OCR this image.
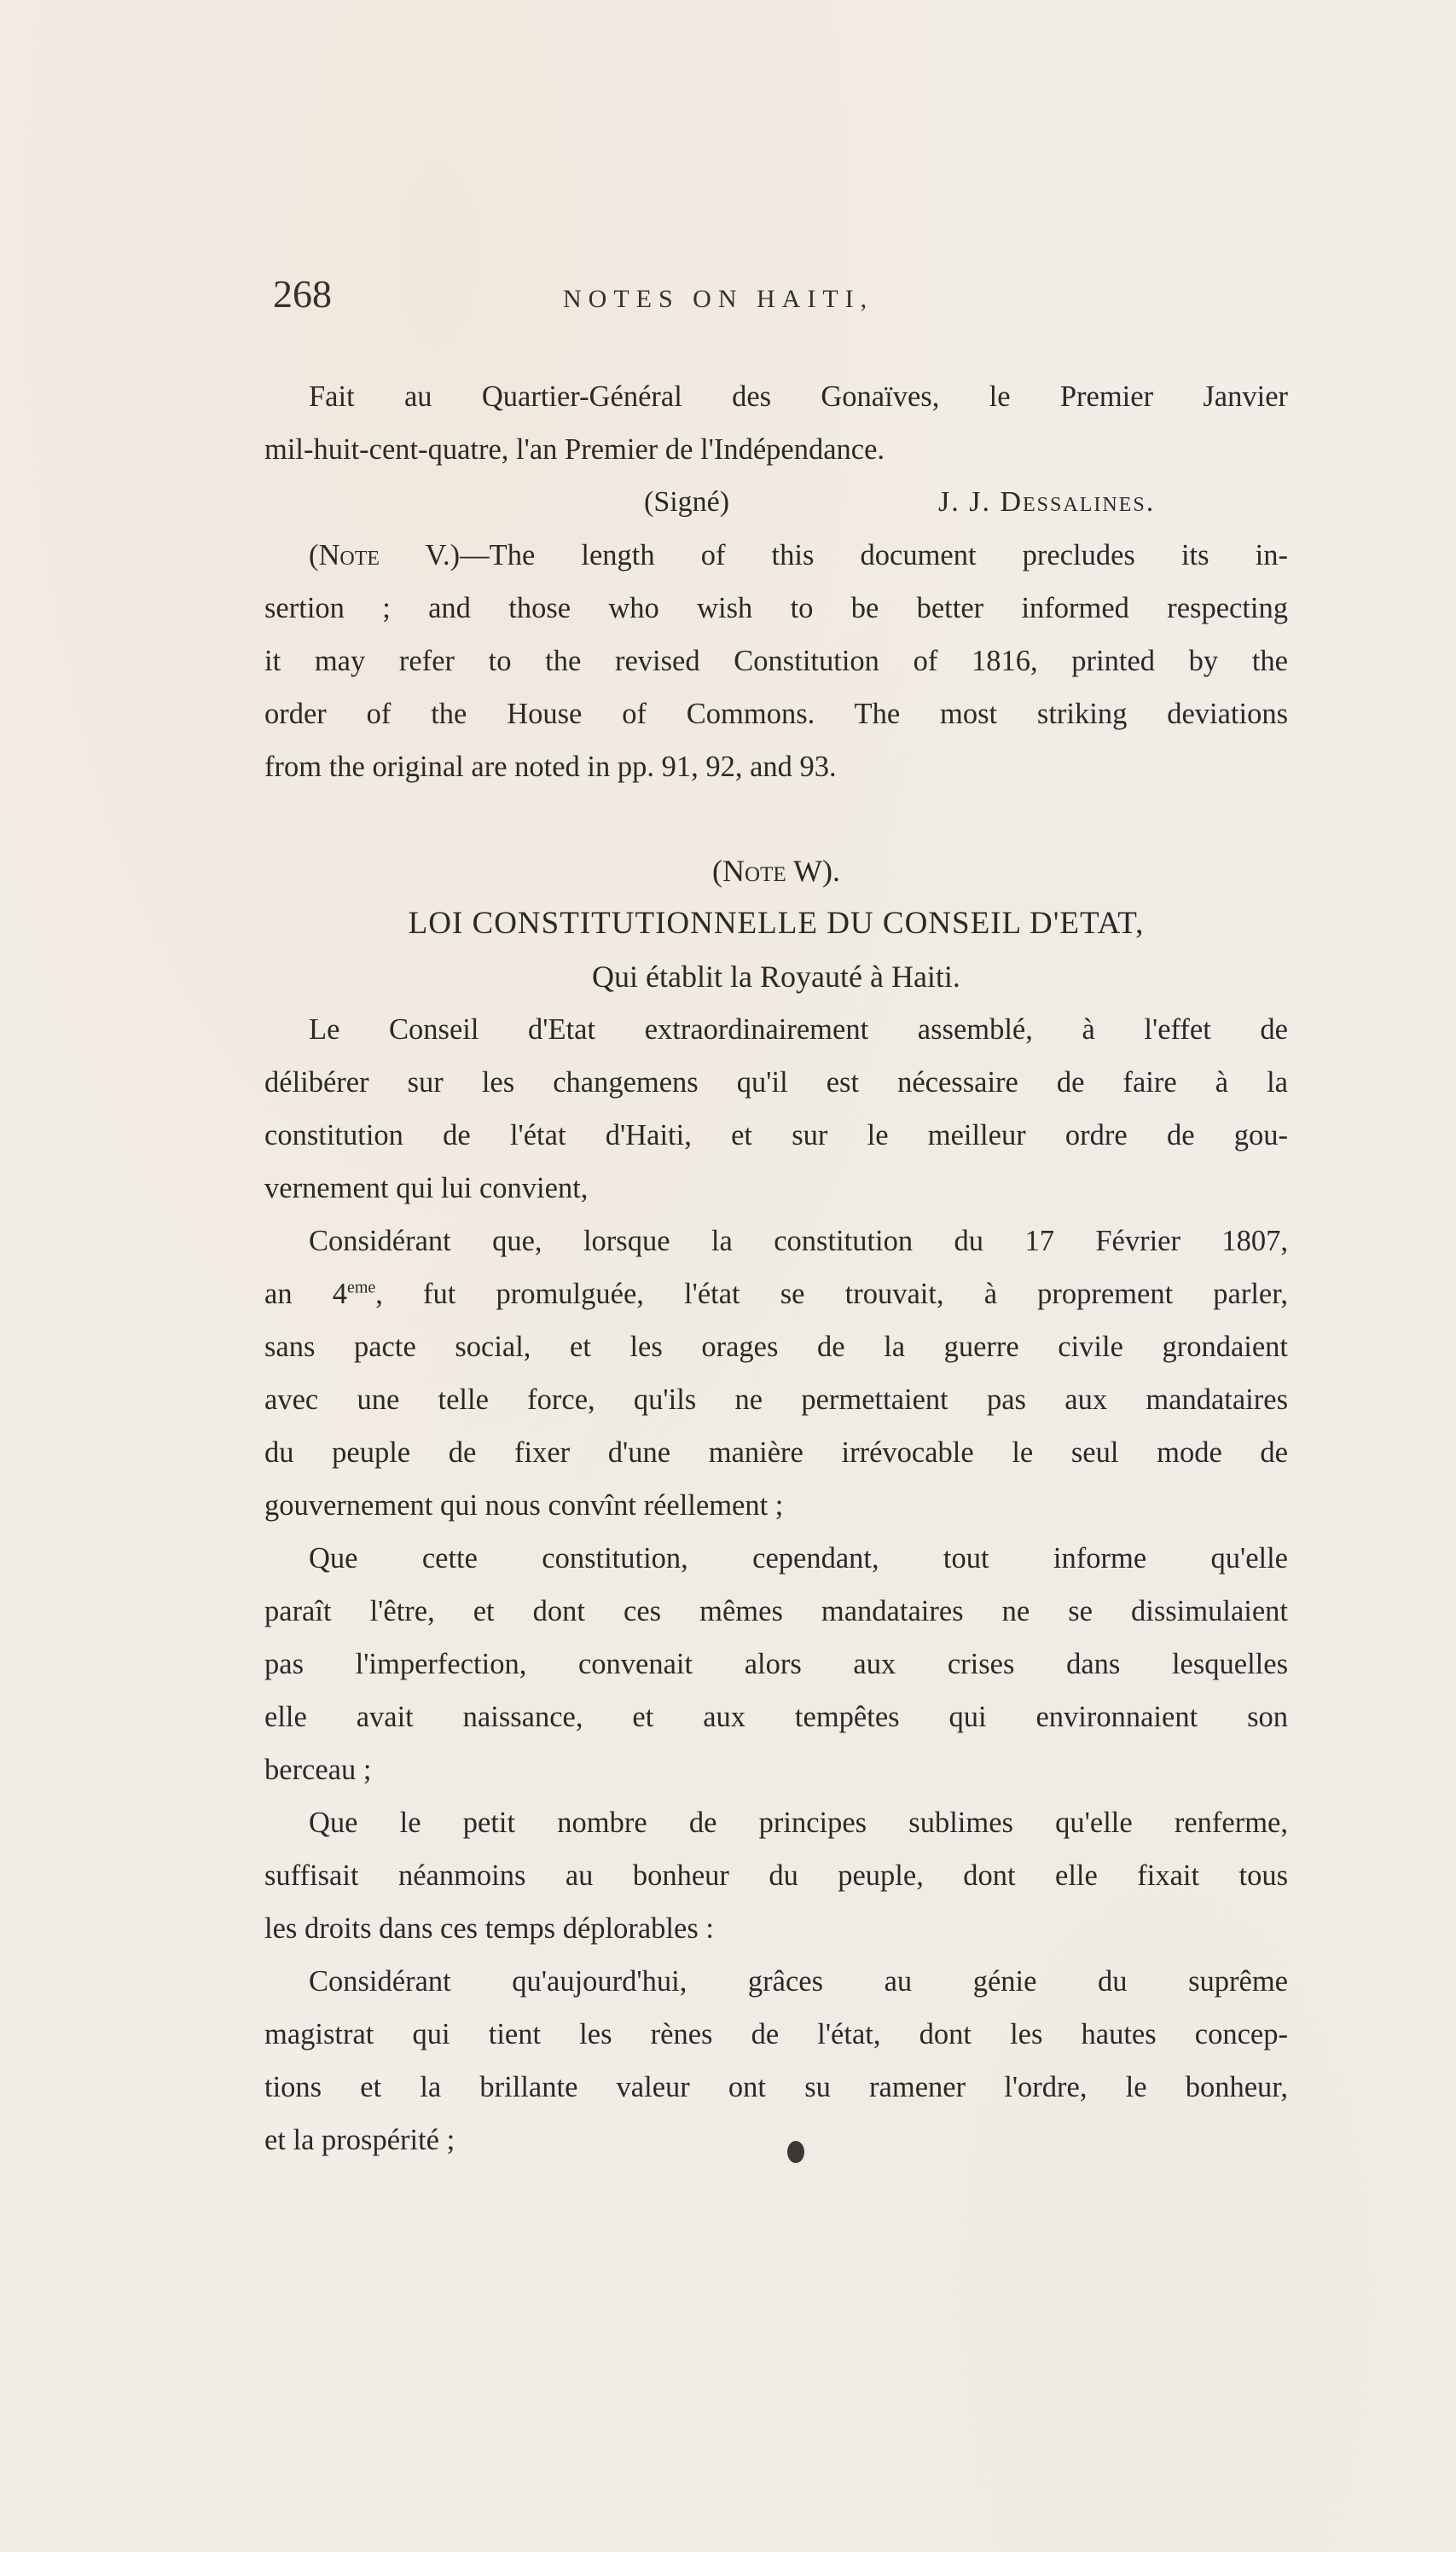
268	NOTES ON HAITI,
Fait au Quartier-Général des Gonaïves, le Premier Janvier
mil-huit-cent-quatre, l'an Premier de l'Indépendance.
(Signé)	J. J. Dessalines.
(Note V.)—The length of this document precludes its in-
sertion ; and those who wish to be better informed respecting
it may refer to the revised Constitution of 1816, printed by the
order of the House of Commons. The most striking deviations
from the original are noted in pp. 91, 92, and 93.
(Note W).
LOI CONSTITUTIONNELLE DU CONSEIL D'ETAT,
Qui établit la Royauté à Haiti.
Le Conseil d'Etat extraordinairement assemblé, à l'effet de
délibérer sur les changemens qu'il est nécessaire de faire à la
constitution de l'état d'Haiti, et sur le meilleur ordre de gou-
vernement qui lui convient,
Considérant que, lorsque la constitution du 17 Février 1807,
an 4eme, fut promulguée, l'état se trouvait, à proprement parler,
sans pacte social, et les orages de la guerre civile grondaient
avec une telle force, qu'ils ne permettaient pas aux mandataires
du peuple de fixer d'une manière irrévocable le seul mode de
gouvernement qui nous convînt réellement ;
Que cette constitution, cependant, tout informe qu'elle
paraît l'être, et dont ces mêmes mandataires ne se dissimulaient
pas l'imperfection, convenait alors aux crises dans lesquelles
elle avait naissance, et aux tempêtes qui environnaient son
berceau ;
Que le petit nombre de principes sublimes qu'elle renferme,
suffisait néanmoins au bonheur du peuple, dont elle fixait tous
les droits dans ces temps déplorables :
Considérant qu'aujourd'hui, grâces au génie du suprême
magistrat qui tient les rènes de l'état, dont les hautes concep-
tions et la brillante valeur ont su ramener l'ordre, le bonheur,
et la prospérité ;
